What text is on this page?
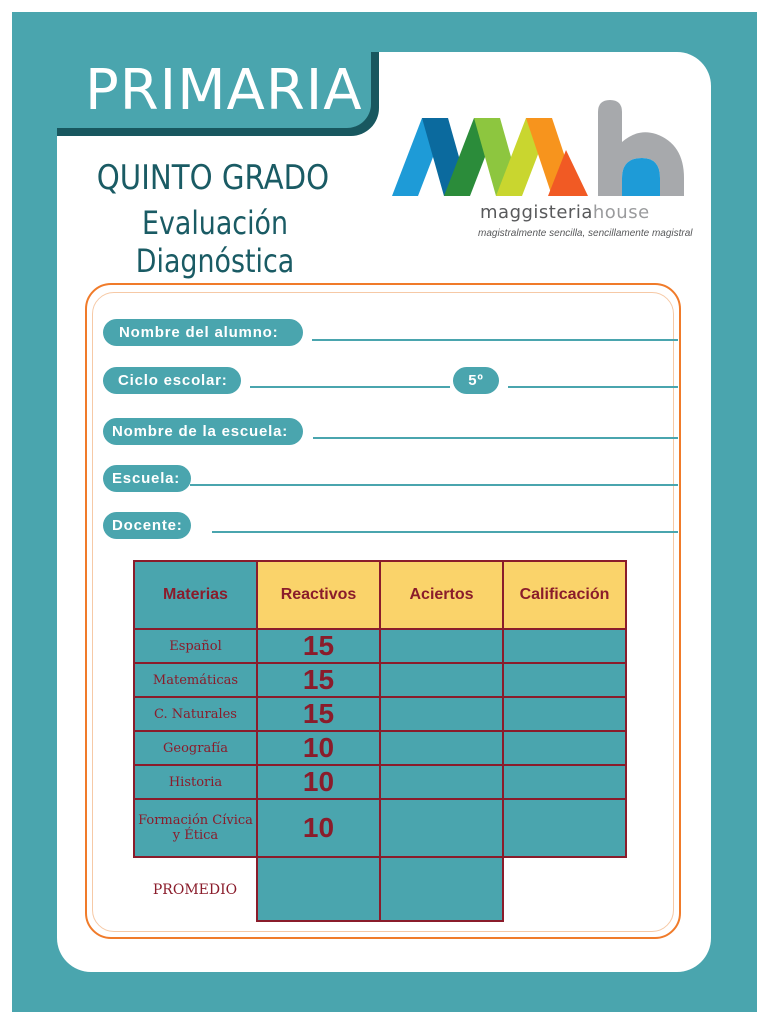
PRIMARIA
QUINTO GRADO
Evaluación Diagnóstica
maggisteriahouse
magistralmente sencilla, sencillamente magistral
Nombre del alumno:
Ciclo escolar:	5º
Nombre de la escuela:
Escuela:
Docente:
Materias	Reactivos	Aciertos	Calificación
Español	15		
Matemáticas	15		
C. Naturales	15		
Geografía	10		
Historia	10		
Formación Cívica y Ética	10		
PROMEDIO			
